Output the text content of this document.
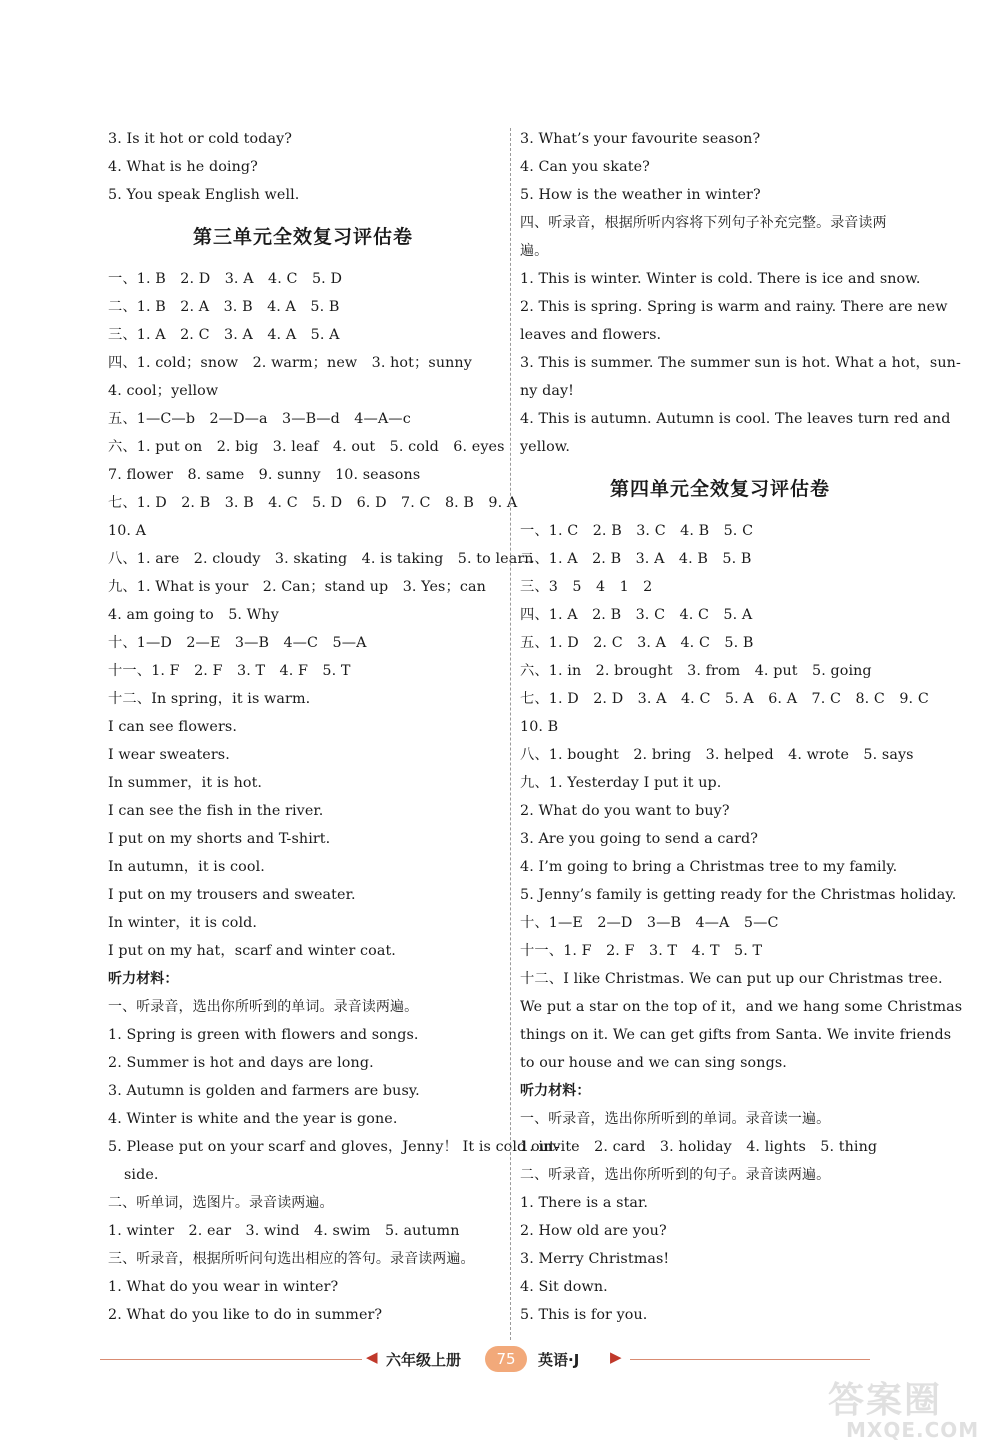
3. Is it hot or cold today?
4. What is he doing?
5. You speak English well.
第三单元全效复习评估卷
一、1. B　2. D　3. A　4. C　5. D
二、1. B　2. A　3. B　4. A　5. B
三、1. A　2. C　3. A　4. A　5. A
四、1. cold；snow　2. warm；new　3. hot；sunny
4. cool；yellow
五、1—C—b　2—D—a　3—B—d　4—A—c
六、1. put on　2. big　3. leaf　4. out　5. cold　6. eyes
7. flower　8. same　9. sunny　10. seasons
七、1. D　2. B　3. B　4. C　5. D　6. D　7. C　8. B　9. A
10. A
八、1. are　2. cloudy　3. skating　4. is taking　5. to learn
九、1. What is your　2. Can；stand up　3. Yes；can
4. am going to　5. Why
十、1—D　2—E　3—B　4—C　5—A
十一、1. F　2. F　3. T　4. F　5. T
十二、In spring，it is warm.
I can see flowers.
I wear sweaters.
In summer，it is hot.
I can see the fish in the river.
I put on my shorts and T-shirt.
In autumn，it is cool.
I put on my trousers and sweater.
In winter，it is cold.
I put on my hat，scarf and winter coat.
听力材料：
一、听录音，选出你所听到的单词。录音读两遍。
1. Spring is green with flowers and songs.
2. Summer is hot and days are long.
3. Autumn is golden and farmers are busy.
4. Winter is white and the year is gone.
5. Please put on your scarf and gloves，Jenny！ It is cold out-
side.
二、听单词，选图片。录音读两遍。
1. winter　2. ear　3. wind　4. swim　5. autumn
三、听录音，根据所听问句选出相应的答句。录音读两遍。
1. What do you wear in winter?
2. What do you like to do in summer?
3. What’s your favourite season?
4. Can you skate?
5. How is the weather in winter?
四、听录音，根据所听内容将下列句子补充完整。录音读两
遍。
1. This is winter. Winter is cold. There is ice and snow.
2. This is spring. Spring is warm and rainy. There are new
leaves and flowers.
3. This is summer. The summer sun is hot. What a hot，sun-
ny day!
4. This is autumn. Autumn is cool. The leaves turn red and
yellow.
第四单元全效复习评估卷
一、1. C　2. B　3. C　4. B　5. C
二、1. A　2. B　3. A　4. B　5. B
三、3　5　4　1　2
四、1. A　2. B　3. C　4. C　5. A
五、1. D　2. C　3. A　4. C　5. B
六、1. in　2. brought　3. from　4. put　5. going
七、1. D　2. D　3. A　4. C　5. A　6. A　7. C　8. C　9. C
10. B
八、1. bought　2. bring　3. helped　4. wrote　5. says
九、1. Yesterday I put it up.
2. What do you want to buy?
3. Are you going to send a card?
4. I’m going to bring a Christmas tree to my family.
5. Jenny’s family is getting ready for the Christmas holiday.
十、1—E　2—D　3—B　4—A　5—C
十一、1. F　2. F　3. T　4. T　5. T
十二、I like Christmas. We can put up our Christmas tree.
We put a star on the top of it，and we hang some Christmas
things on it. We can get gifts from Santa. We invite friends
to our house and we can sing songs.
听力材料：
一、听录音，选出你所听到的单词。录音读一遍。
1. invite　2. card　3. holiday　4. lights　5. thing
二、听录音，选出你所听到的句子。录音读两遍。
1. There is a star.
2. How old are you?
3. Merry Christmas!
4. Sit down.
5. This is for you.
◀ 六年级上册	75	英语·J ▶
答案圈
MXQE.COM
